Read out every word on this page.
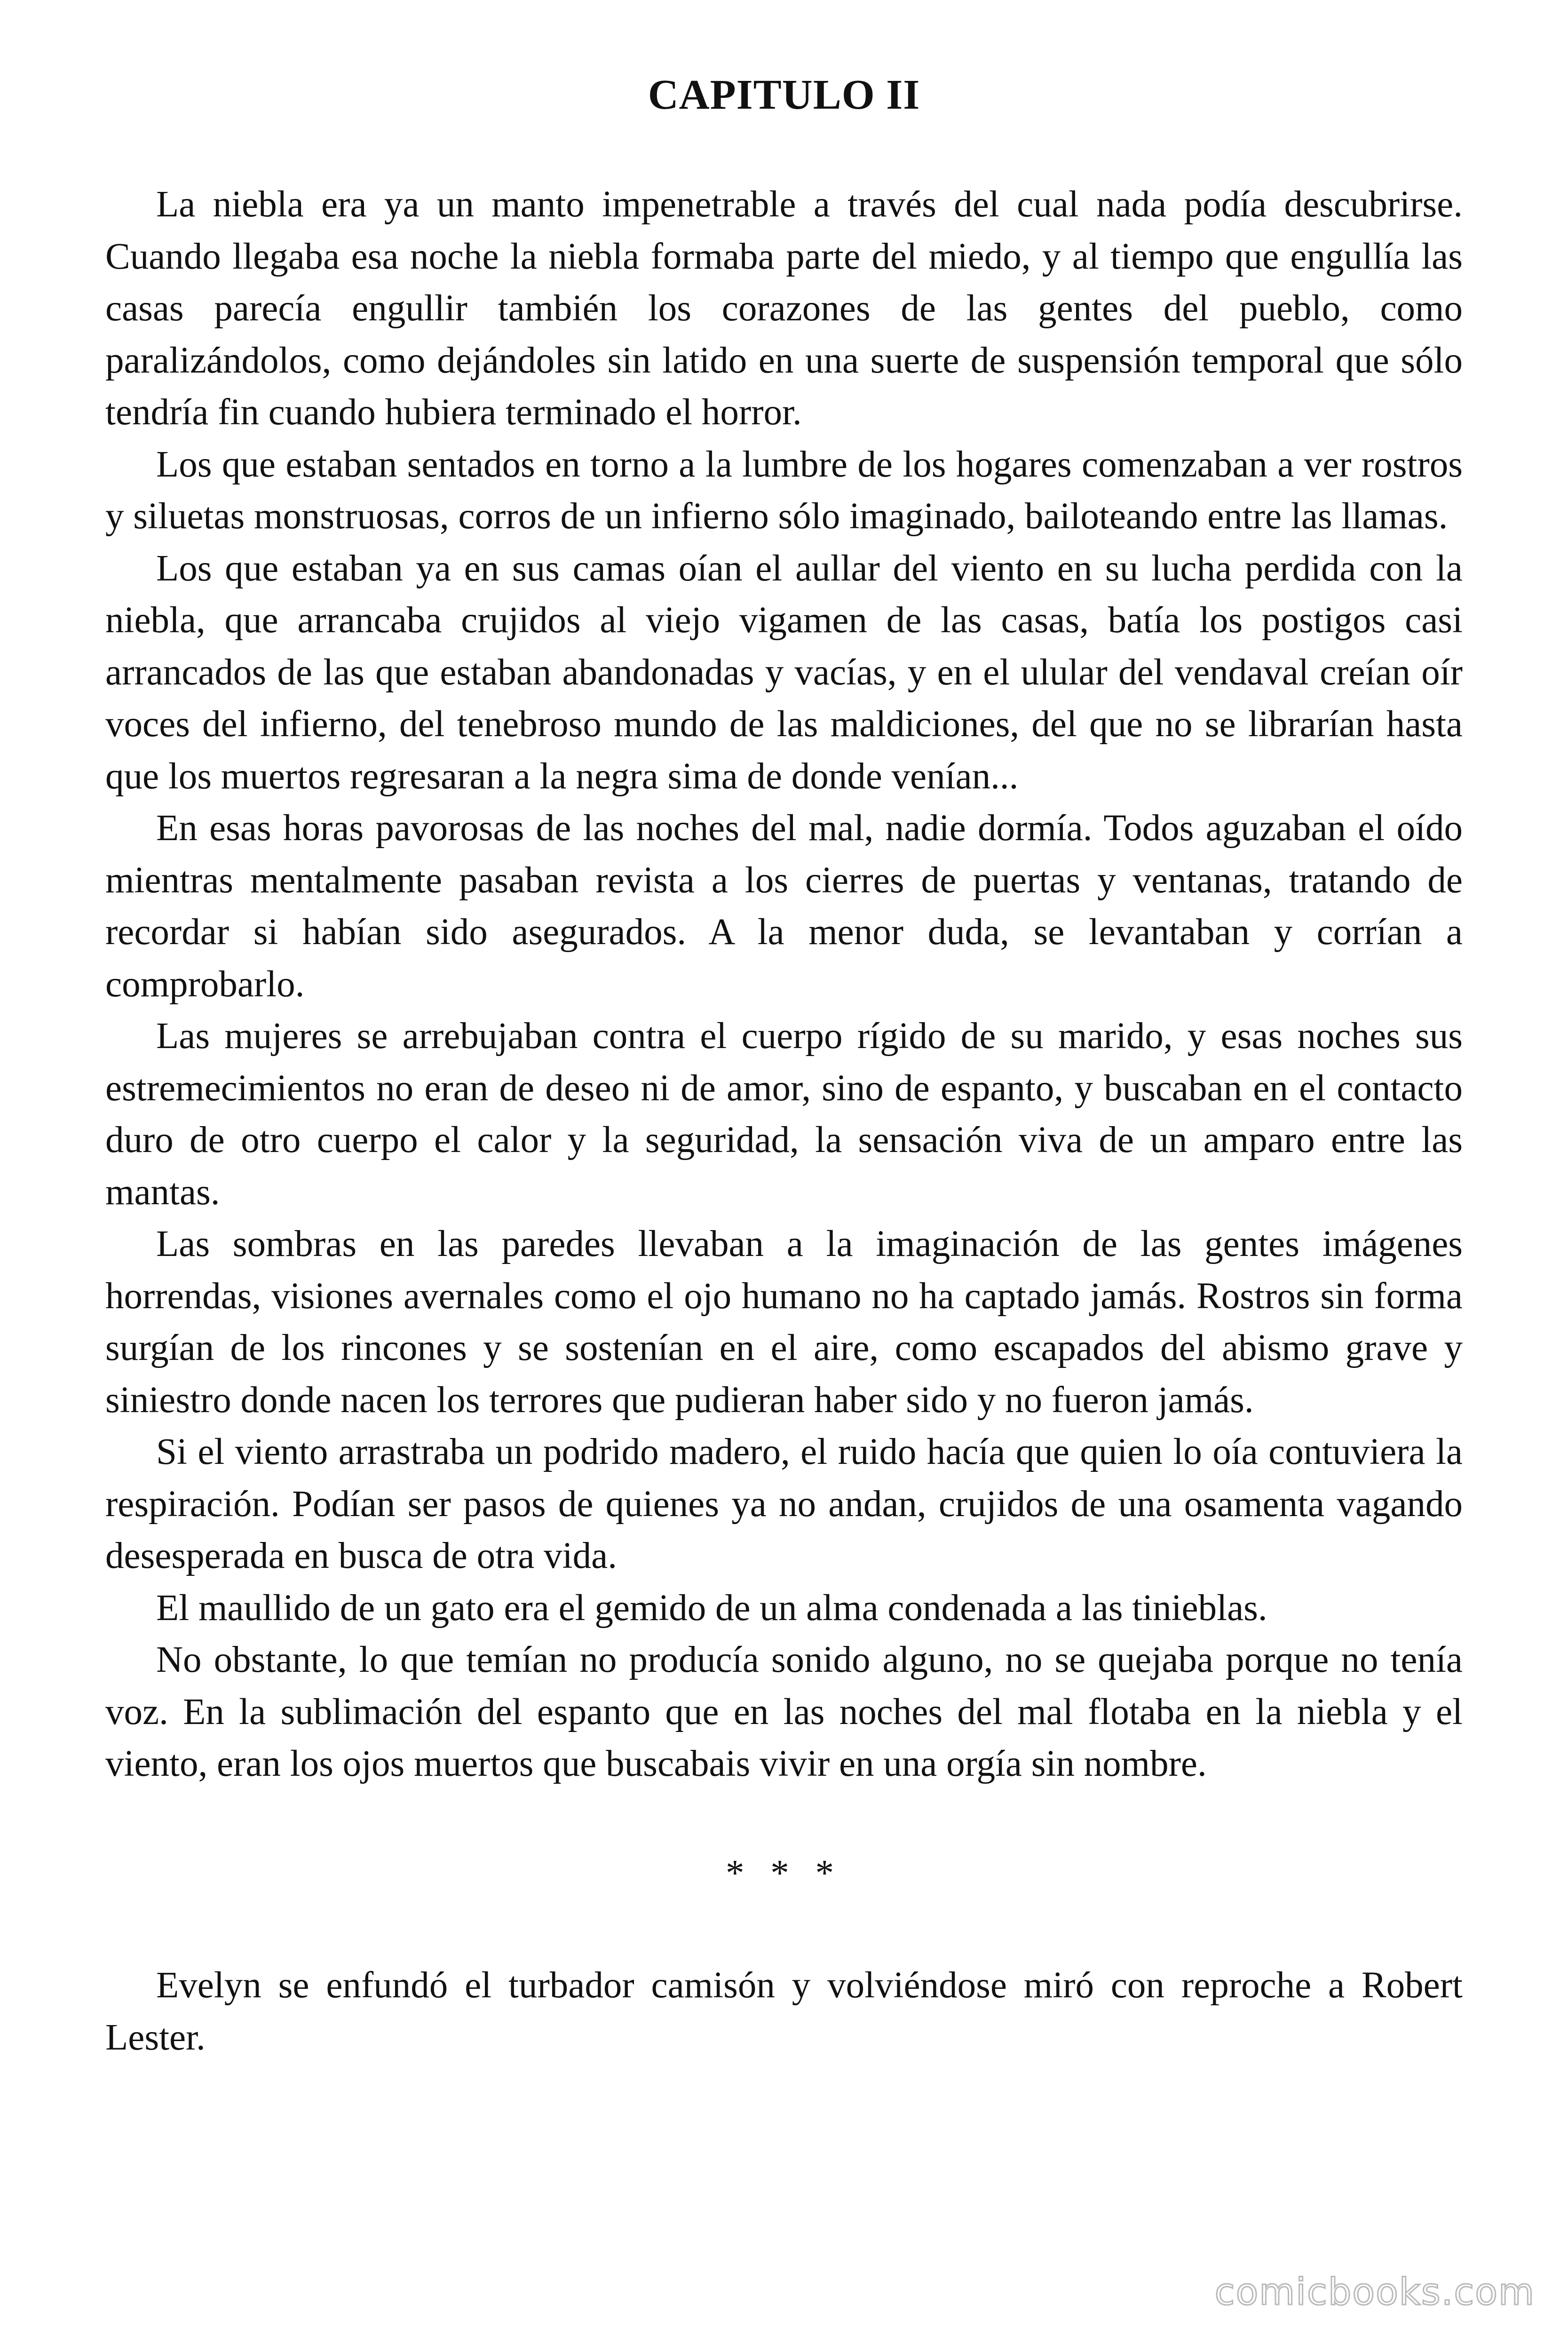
CAPITULO II

La niebla era ya un manto impenetrable a través del cual nada podía descubrirse. Cuando llegaba esa noche la niebla formaba parte del miedo, y al tiempo que engullía las casas parecía engullir también los corazones de las gentes del pueblo, como paralizándolos, como dejándoles sin latido en una suerte de suspensión temporal que sólo tendría fin cuando hubiera terminado el horror.

Los que estaban sentados en torno a la lumbre de los hogares comenzaban a ver rostros y siluetas monstruosas, corros de un infierno sólo imaginado, bailoteando entre las llamas.

Los que estaban ya en sus camas oían el aullar del viento en su lucha perdida con la niebla, que arrancaba crujidos al viejo vigamen de las casas, batía los postigos casi arrancados de las que estaban abandonadas y vacías, y en el ulular del vendaval creían oír voces del infierno, del tenebroso mundo de las maldiciones, del que no se librarían hasta que los muertos regresaran a la negra sima de donde venían...

En esas horas pavorosas de las noches del mal, nadie dormía. Todos aguzaban el oído mientras mentalmente pasaban revista a los cierres de puertas y ventanas, tratando de recordar si habían sido asegurados. A la menor duda, se levantaban y corrían a comprobarlo.

Las mujeres se arrebujaban contra el cuerpo rígido de su marido, y esas noches sus estremecimientos no eran de deseo ni de amor, sino de espanto, y buscaban en el contacto duro de otro cuerpo el calor y la seguridad, la sensación viva de un amparo entre las mantas.

Las sombras en las paredes llevaban a la imaginación de las gentes imágenes horrendas, visiones avernales como el ojo humano no ha captado jamás. Rostros sin forma surgían de los rincones y se sostenían en el aire, como escapados del abismo grave y siniestro donde nacen los terrores que pudieran haber sido y no fueron jamás.

Si el viento arrastraba un podrido madero, el ruido hacía que quien lo oía contuviera la respiración. Podían ser pasos de quienes ya no andan, crujidos de una osamenta vagando desesperada en busca de otra vida.

El maullido de un gato era el gemido de un alma condenada a las tinieblas.

No obstante, lo que temían no producía sonido alguno, no se quejaba porque no tenía voz. En la sublimación del espanto que en las noches del mal flotaba en la niebla y el viento, eran los ojos muertos que buscabais vivir en una orgía sin nombre.

* * *

Evelyn se enfundó el turbador camisón y volviéndose miró con reproche a Robert Lester.

comicbooks.com
